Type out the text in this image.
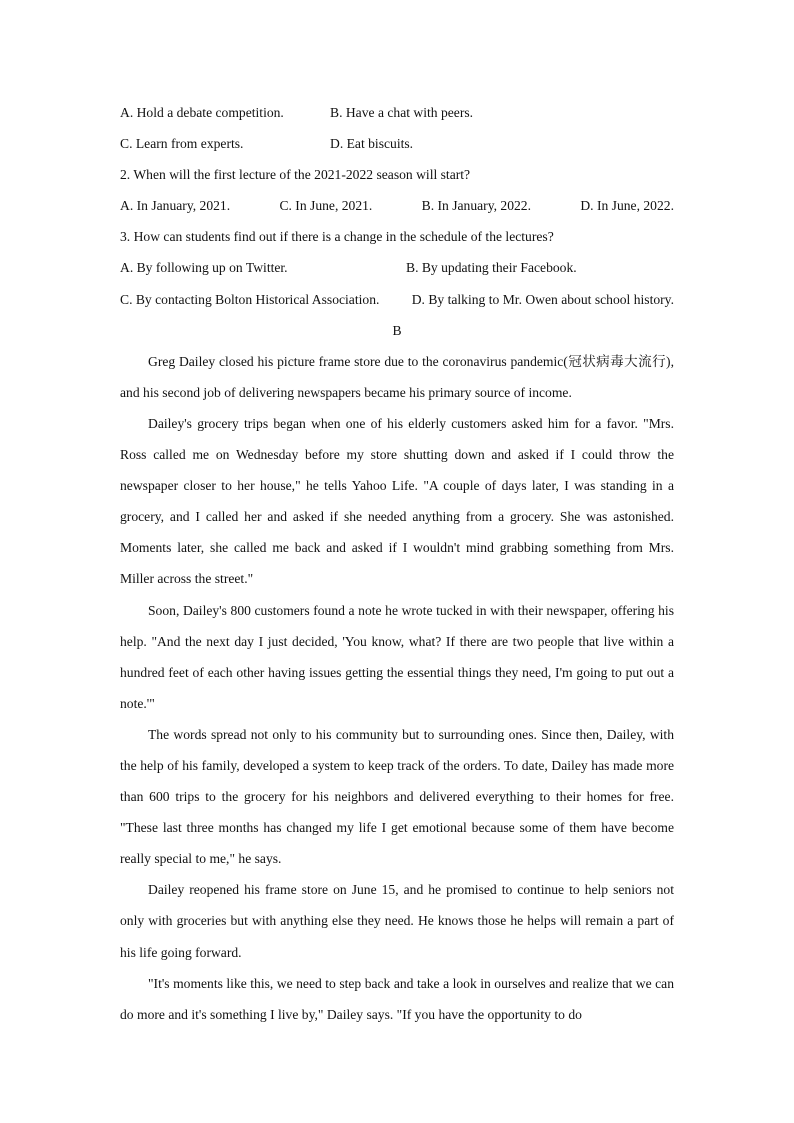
A. Hold a debate competition.	B. Have a chat with peers.
C. Learn from experts.	D. Eat biscuits.
2. When will the first lecture of the 2021-2022 season will start?
A. In January, 2021.	C. In June, 2021.	B. In January, 2022.	D. In June, 2022.
3. How can students find out if there is a change in the schedule of the lectures?
A. By following up on Twitter.	B. By updating their Facebook.
C. By contacting Bolton Historical Association. D. By talking to Mr. Owen about school history.
B

Greg Dailey closed his picture frame store due to the coronavirus pandemic(冠状病毒大流行), and his second job of delivering newspapers became his primary source of income.

Dailey's grocery trips began when one of his elderly customers asked him for a favor. "Mrs. Ross called me on Wednesday before my store shutting down and asked if I could throw the newspaper closer to her house," he tells Yahoo Life. "A couple of days later, I was standing in a grocery, and I called her and asked if she needed anything from a grocery. She was astonished. Moments later, she called me back and asked if I wouldn't mind grabbing something from Mrs. Miller across the street."

Soon, Dailey's 800 customers found a note he wrote tucked in with their newspaper, offering his help. "And the next day I just decided, 'You know, what? If there are two people that live within a hundred feet of each other having issues getting the essential things they need, I'm going to put out a note.'"

The words spread not only to his community but to surrounding ones. Since then, Dailey, with the help of his family, developed a system to keep track of the orders. To date, Dailey has made more than 600 trips to the grocery for his neighbors and delivered everything to their homes for free. "These last three months has changed my life I get emotional because some of them have become really special to me," he says.

Dailey reopened his frame store on June 15, and he promised to continue to help seniors not only with groceries but with anything else they need. He knows those he helps will remain a part of his life going forward.

"It's moments like this, we need to step back and take a look in ourselves and realize that we can do more and it's something I live by," Dailey says. "If you have the opportunity to do
